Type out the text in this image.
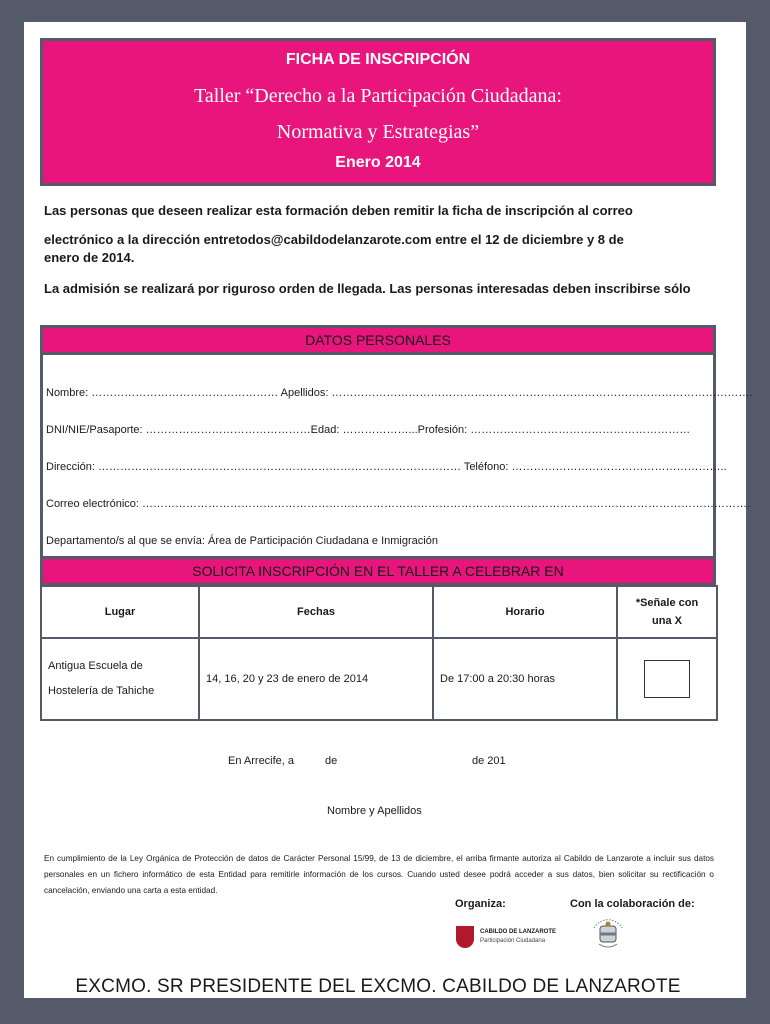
FICHA DE INSCRIPCIÓN
Taller “Derecho a la Participación Ciudadana:
Normativa y Estrategias”
Enero 2014
Las personas que deseen realizar esta formación deben remitir la ficha de inscripción al correo
electrónico a la dirección entretodos@cabildodelanzarote.com entre el 12 de diciembre y 8 de
enero de 2014.
La admisión se realizará por riguroso orden de llegada. Las personas interesadas deben inscribirse sólo
DATOS PERSONALES
Nombre: …………………………………………… Apellidos: …………………………………………………………………………………………………….
DNI/NIE/Pasaporte: ………………………………………Edad: ………………...Profesión: ……………………………………………………
Dirección: ……………………………………………………………………………………… Teléfono: …………………………………………………..
Correo electrónico: ………………………………………………………………………………………………………………………………………………….
Departamento/s al que se envía: Área de Participación Ciudadana e Inmigración
SOLICITA INSCRIPCIÓN EN EL TALLER A CELEBRAR EN
Lugar	Fechas	Horario	*Señale con
una X

Antigua Escuela de
Hostelería de Tahiche	14, 16, 20 y 23 de enero de 2014	De 17:00 a 20:30 horas	
En Arrecife, a	de	de 201
Nombre y Apellidos
En cumplimiento de la Ley Orgánica de Protección de datos de Carácter Personal 15/99, de 13 de diciembre, el arriba firmante autoriza al Cabildo de Lanzarote a incluir sus datos personales en un fichero informático de esta Entidad para remitirle información de los cursos. Cuando usted desee podrá acceder a sus datos, bien solicitar su rectificación o cancelación, enviando una carta a esta entidad.
Organiza:	Con la colaboración de:
CABILDO DE LANZAROTE
Participación Ciudadana
EXCMO. SR PRESIDENTE DEL EXCMO. CABILDO DE LANZAROTE
